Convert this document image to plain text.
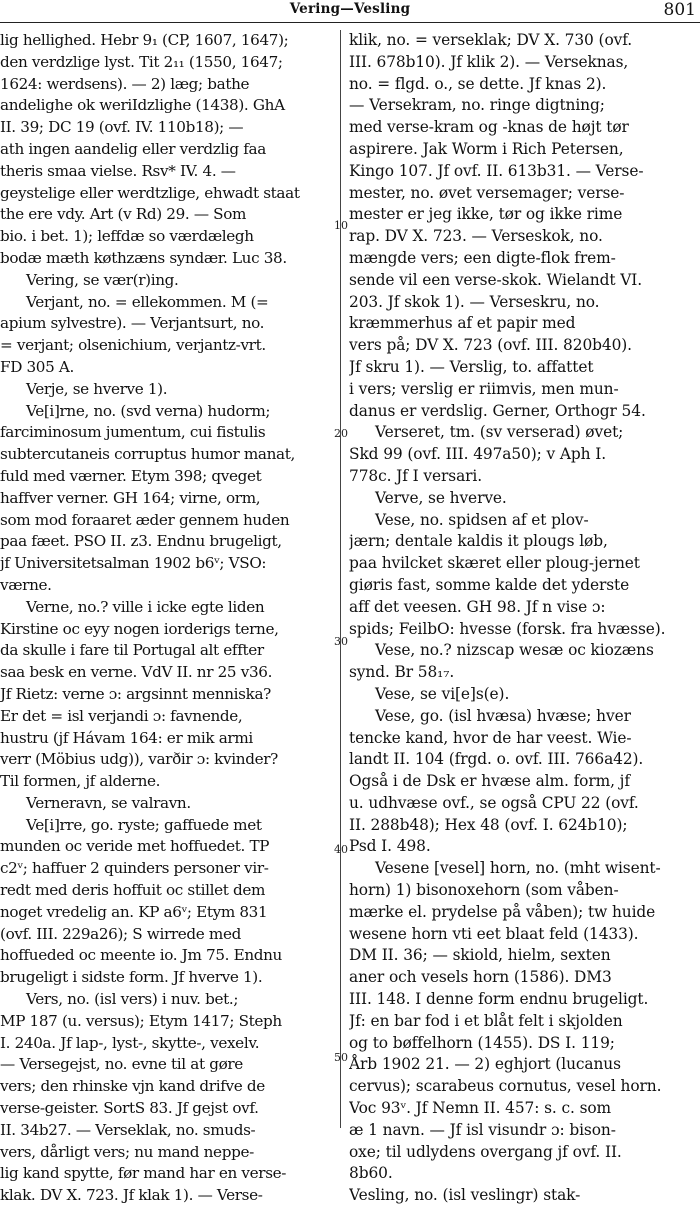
Vering—Vesling	801
lig hellighed. Hebr 9₁ (CP, 1607, 1647);
den verdzlige lyst. Tit 2₁₁ (1550, 1647;
1624: werdsens). — 2) læg; bathe
andelighe ok weriIdzlighe (1438). GhA
II. 39; DC 19 (ovf. IV. 110b18); —
ath ingen aandelig eller verdzlig faa
theris smaa vielse. Rsv* IV. 4. —
geystelige eller werdtzlige, ehwadt staat
the ere vdy. Art (v Rd) 29. — Som
bio. i bet. 1); leffdæ so værdælegh
bodæ mæth køthzæns syndær. Luc 38.
Vering, se vær(r)ing.
Verjant, no. = ellekommen. M (=
apium sylvestre). — Verjantsurt, no.
= verjant; olsenichium, verjantz-vrt.
FD 305 A.
Verje, se hverve 1).
Ve[i]rne, no. (svd verna) hudorm;
farciminosum jumentum, cui fistulis
subtercutaneis corruptus humor manat,
fuld med værner. Etym 398; qveget
haffver verner. GH 164; virne, orm,
som mod foraaret æder gennem huden
paa fæet. PSO II. z3. Endnu brugeligt,
jf Universitetsalman 1902 b6ᵛ; VSO:
værne.
Verne, no.? ville i icke egte liden
Kirstine oc eyy nogen iorderigs terne,
da skulle i fare til Portugal alt effter
saa besk en verne. VdV II. nr 25 v36.
Jf Rietz: verne ɔ: argsinnt menniska?
Er det = isl verjandi ɔ: favnende,
hustru (jf Hávam 164: er mik armi
verr (Möbius udg)), varðir ɔ: kvinder?
Til formen, jf alderne.
Verneravn, se valravn.
Ve[i]rre, go. ryste; gaffuede met
munden oc veride met hoffuedet. TP
c2ᵛ; haffuer 2 quinders personer vir-
redt med deris hoffuit oc stillet dem
noget vredelig an. KP a6ᵛ; Etym 831
(ovf. III. 229a26); S wirrede med
hoffueded oc meente io. Jm 75. Endnu
brugeligt i sidste form. Jf hverve 1).
Vers, no. (isl vers) i nuv. bet.;
MP 187 (u. versus); Etym 1417; Steph
I. 240a. Jf lap-, lyst-, skytte-, vexelv.
— Versegejst, no. evne til at gøre
vers; den rhinske vjn kand drifve de
verse-geister. SortS 83. Jf gejst ovf.
II. 34b27. — Verseklak, no. smuds-
vers, dårligt vers; nu mand neppe-
lig kand spytte, før mand har en verse-
klak. DV X. 723. Jf klak 1). — Verse-
klik, no. = verseklak; DV X. 730 (ovf.
III. 678b10). Jf klik 2). — Verseknas,
no. = flgd. o., se dette. Jf knas 2).
— Versekram, no. ringe digtning;
med verse-kram og -knas de højt tør
aspirere. Jak Worm i Rich Petersen,
Kingo 107. Jf ovf. II. 613b31. — Verse-
mester, no. øvet versemager; verse-
mester er jeg ikke, tør og ikke rime
rap. DV X. 723. — Verseskok, no.
mængde vers; een digte-flok frem-
sende vil een verse-skok. Wielandt VI.
203. Jf skok 1). — Verseskru, no.
kræmmerhus af et papir med
vers på; DV X. 723 (ovf. III. 820b40).
Jf skru 1). — Verslig, to. affattet
i vers; verslig er riimvis, men mun-
danus er verdslig. Gerner, Orthogr 54.
Verseret, tm. (sv verserad) øvet;
Skd 99 (ovf. III. 497a50); v Aph I.
778c. Jf I versari.
Verve, se hverve.
Vese, no. spidsen af et plov-
jærn; dentale kaldis it plougs løb,
paa hvilcket skæret eller ploug-jernet
giøris fast, somme kalde det yderste
aff det veesen. GH 98. Jf n vise ɔ:
spids; FeilbO: hvesse (forsk. fra hvæsse).
Vese, no.? nizscap wesæ oc kiozæns
synd. Br 58₁₇.
Vese, se vi[e]s(e).
Vese, go. (isl hvæsa) hvæse; hver
tencke kand, hvor de har veest. Wie-
landt II. 104 (frgd. o. ovf. III. 766a42).
Også i de Dsk er hvæse alm. form, jf
u. udhvæse ovf., se også CPU 22 (ovf.
II. 288b48); Hex 48 (ovf. I. 624b10);
Psd I. 498.
Vesene [vesel] horn, no. (mht wisent-
horn) 1) bisonoxehorn (som våben-
mærke el. prydelse på våben); tw huide
wesene horn vti eet blaat feld (1433).
DM II. 36; — skiold, hielm, sexten
aner och vesels horn (1586). DM3
III. 148. I denne form endnu brugeligt.
Jf: en bar fod i et blåt felt i skjolden
og to bøffelhorn (1455). DS I. 119;
Årb 1902 21. — 2) eghjort (lucanus
cervus); scarabeus cornutus, vesel horn.
Voc 93ᵛ. Jf Nemn II. 457: s. c. som
æ 1 navn. — Jf isl visundr ɔ: bison-
oxe; til udlydens overgang jf ovf. II.
8b60.
Vesling, no. (isl veslingr) stak-
10
20
30
40
50
